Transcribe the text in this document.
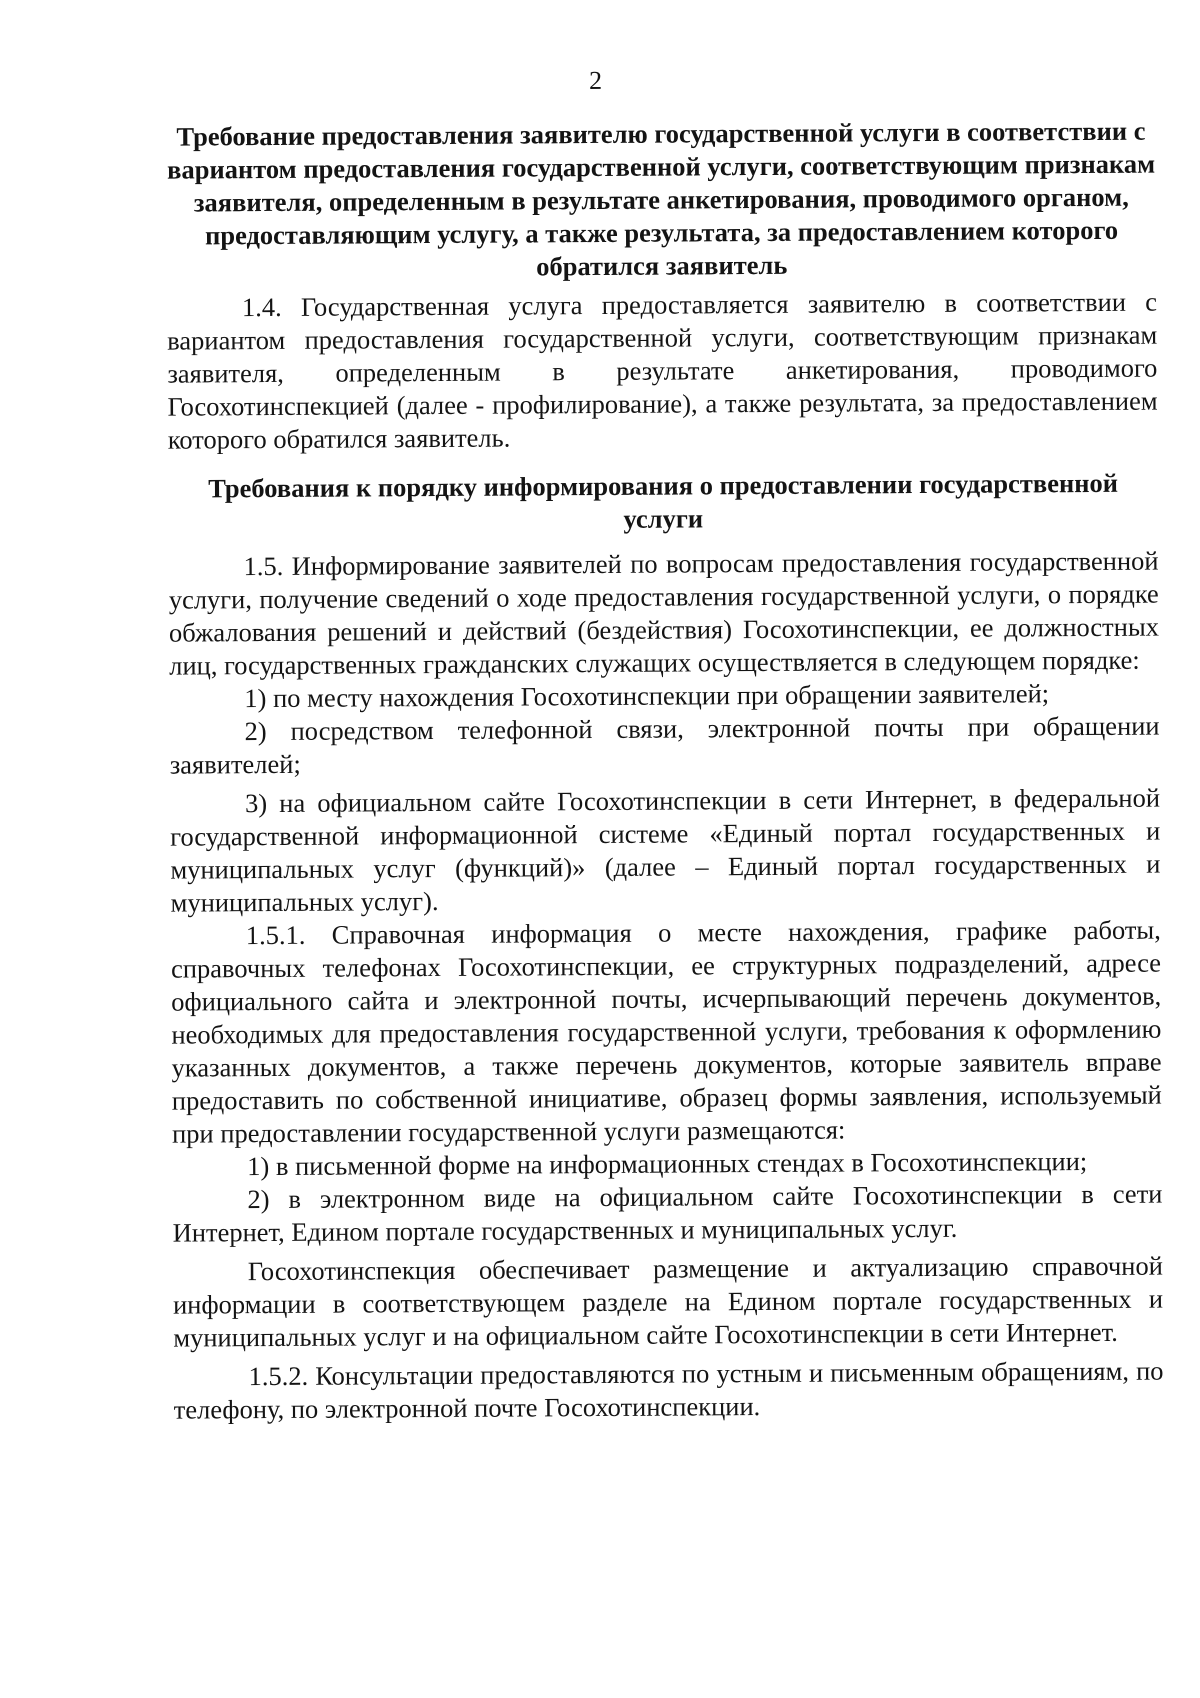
2
Требование предоставления заявителю государственной услуги в соответствии с вариантом предоставления государственной услуги, соответствующим признакам заявителя, определенным в результате анкетирования, проводимого органом, предоставляющим услугу, а также результата, за предоставлением которого обратился заявитель

1.4. Государственная услуга предоставляется заявителю в соответствии с вариантом предоставления государственной услуги, соответствующим признакам заявителя, определенным в результате анкетирования, проводимого Госохотинспекцией (далее - профилирование), а также результата, за предоставлением которого обратился заявитель.

Требования к порядку информирования о предоставлении государственной услуги

1.5. Информирование заявителей по вопросам предоставления государственной услуги, получение сведений о ходе предоставления государственной услуги, о порядке обжалования решений и действий (бездействия) Госохотинспекции, ее должностных лиц, государственных гражданских служащих осуществляется в следующем порядке:

1) по месту нахождения Госохотинспекции при обращении заявителей;

2) посредством телефонной связи, электронной почты при обращении заявителей;

3) на официальном сайте Госохотинспекции в сети Интернет, в федеральной государственной информационной системе «Единый портал государственных и муниципальных услуг (функций)» (далее – Единый портал государственных и муниципальных услуг).

1.5.1. Справочная информация о месте нахождения, графике работы, справочных телефонах Госохотинспекции, ее структурных подразделений, адресе официального сайта и электронной почты, исчерпывающий перечень документов, необходимых для предоставления государственной услуги, требования к оформлению указанных документов, а также перечень документов, которые заявитель вправе предоставить по собственной инициативе, образец формы заявления, используемый при предоставлении государственной услуги размещаются:

1) в письменной форме на информационных стендах в Госохотинспекции;

2) в электронном виде на официальном сайте Госохотинспекции в сети Интернет, Едином портале государственных и муниципальных услуг.

Госохотинспекция обеспечивает размещение и актуализацию справочной информации в соответствующем разделе на Едином портале государственных и муниципальных услуг и на официальном сайте Госохотинспекции в сети Интернет.

1.5.2. Консультации предоставляются по устным и письменным обращениям, по телефону, по электронной почте Госохотинспекции.
